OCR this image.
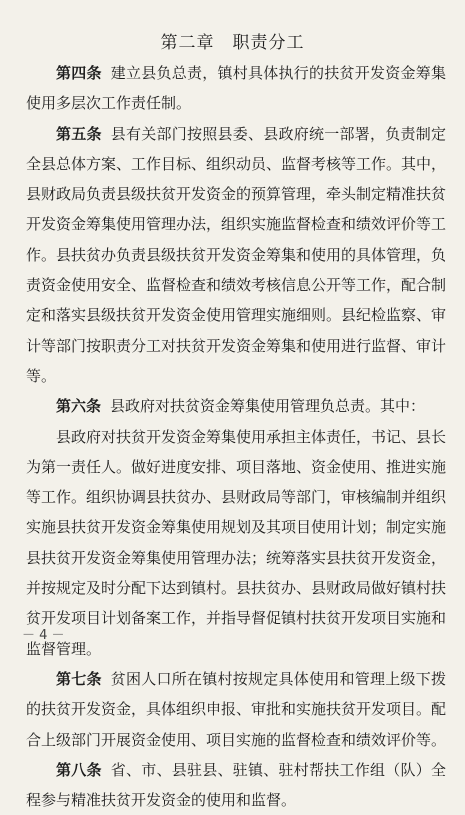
第二章　职责分工

第四条 建立县负总责，镇村具体执行的扶贫开发资金筹集使用多层次工作责任制。

第五条 县有关部门按照县委、县政府统一部署，负责制定全县总体方案、工作目标、组织动员、监督考核等工作。其中，县财政局负责县级扶贫开发资金的预算管理，牵头制定精准扶贫开发资金筹集使用管理办法，组织实施监督检查和绩效评价等工作。县扶贫办负责县级扶贫开发资金筹集和使用的具体管理，负责资金使用安全、监督检查和绩效考核信息公开等工作，配合制定和落实县级扶贫开发资金使用管理实施细则。县纪检监察、审计等部门按职责分工对扶贫开发资金筹集和使用进行监督、审计等。

第六条 县政府对扶贫资金筹集使用管理负总责。其中：

县政府对扶贫开发资金筹集使用承担主体责任，书记、县长为第一责任人。做好进度安排、项目落地、资金使用、推进实施等工作。组织协调县扶贫办、县财政局等部门，审核编制并组织实施县扶贫开发资金筹集使用规划及其项目使用计划；制定实施县扶贫开发资金筹集使用管理办法；统筹落实县扶贫开发资金，并按规定及时分配下达到镇村。县扶贫办、县财政局做好镇村扶贫开发项目计划备案工作，并指导督促镇村扶贫开发项目实施和监督管理。

第七条 贫困人口所在镇村按规定具体使用和管理上级下拨的扶贫开发资金，具体组织申报、审批和实施扶贫开发项目。配合上级部门开展资金使用、项目实施的监督检查和绩效评价等。

第八条 省、市、县驻县、驻镇、驻村帮扶工作组（队）全程参与精准扶贫开发资金的使用和监督。

－ 4 －
